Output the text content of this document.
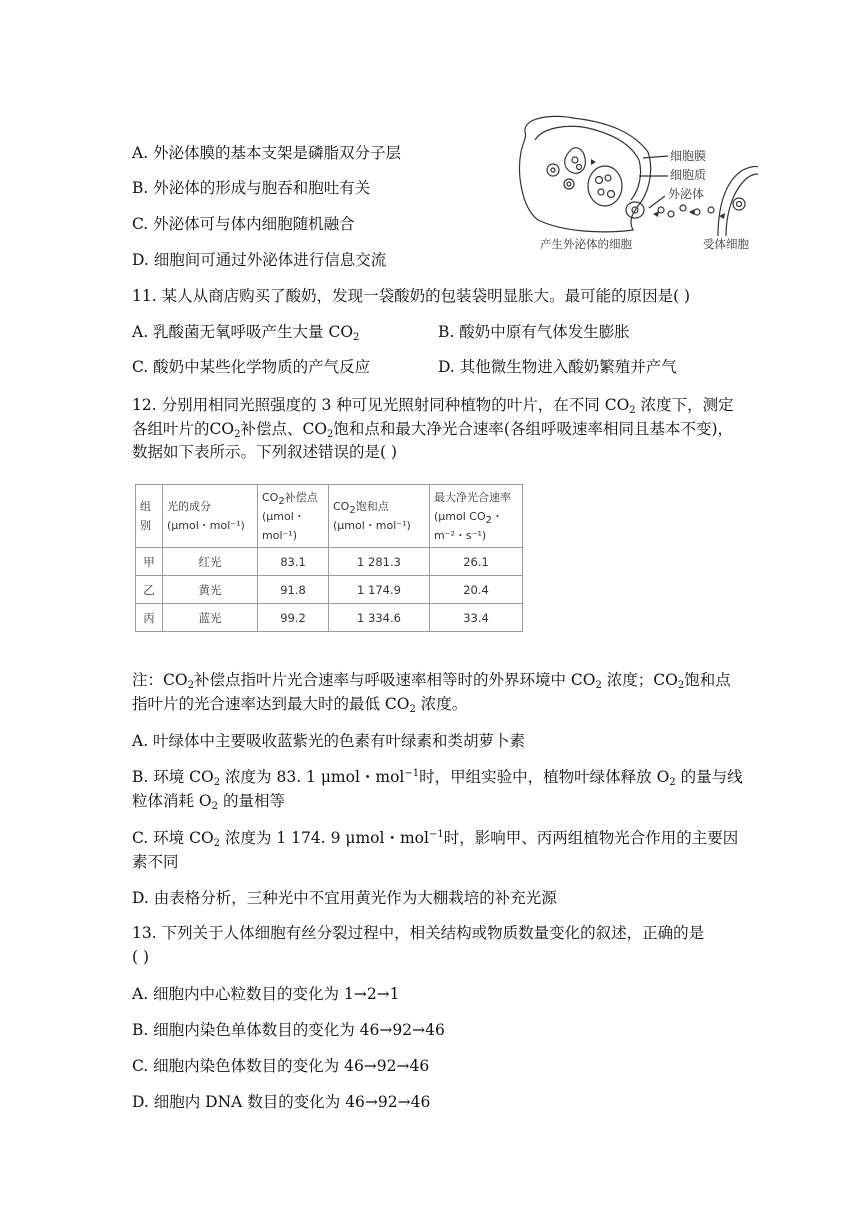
A. 外泌体膜的基本支架是磷脂双分子层
B. 外泌体的形成与胞吞和胞吐有关
C. 外泌体可与体内细胞随机融合
D. 细胞间可通过外泌体进行信息交流
细胞膜
细胞质
外泌体
产生外泌体的细胞	受体细胞
11. 某人从商店购买了酸奶，发现一袋酸奶的包装袋明显胀大。最可能的原因是( )
A. 乳酸菌无氧呼吸产生大量 $CO_2$	B. 酸奶中原有气体发生膨胀
C. 酸奶中某些化学物质的产气反应	D. 其他微生物进入酸奶繁殖并产气
12. 分别用相同光照强度的 3 种可见光照射同种植物的叶片，在不同 $CO_2$ 浓度下，测定
各组叶片的$CO_2$补偿点、$CO_2$饱和点和最大净光合速率(各组呼吸速率相同且基本不变)，
数据如下表所示。下列叙述错误的是( )
组别	光的成分(μmol・mol⁻¹)	$CO_2$补偿点(μmol・mol⁻¹)	$CO_2$饱和点(μmol・mol⁻¹)	最大净光合速率(μmol $CO_2$・m⁻²・s⁻¹)
甲	红光	83.1	1 281.3	26.1
乙	黄光	91.8	1 174.9	20.4
丙	蓝光	99.2	1 334.6	33.4
注：$CO_2$补偿点指叶片光合速率与呼吸速率相等时的外界环境中 $CO_2$ 浓度；$CO_2$饱和点
指叶片的光合速率达到最大时的最低 $CO_2$ 浓度。
A. 叶绿体中主要吸收蓝紫光的色素有叶绿素和类胡萝卜素
B. 环境 $CO_2$ 浓度为 83. 1 μmol・mol$^{-1}$时，甲组实验中，植物叶绿体释放 $O_2$ 的量与线
粒体消耗 $O_2$ 的量相等
C. 环境 $CO_2$ 浓度为 1 174. 9 μmol・mol$^{-1}$时，影响甲、丙两组植物光合作用的主要因
素不同
D. 由表格分析，三种光中不宜用黄光作为大棚栽培的补充光源
13. 下列关于人体细胞有丝分裂过程中，相关结构或物质数量变化的叙述，正确的是
( )
A. 细胞内中心粒数目的变化为 1→2→1
B. 细胞内染色单体数目的变化为 46→92→46
C. 细胞内染色体数目的变化为 46→92→46
D. 细胞内 DNA 数目的变化为 46→92→46
